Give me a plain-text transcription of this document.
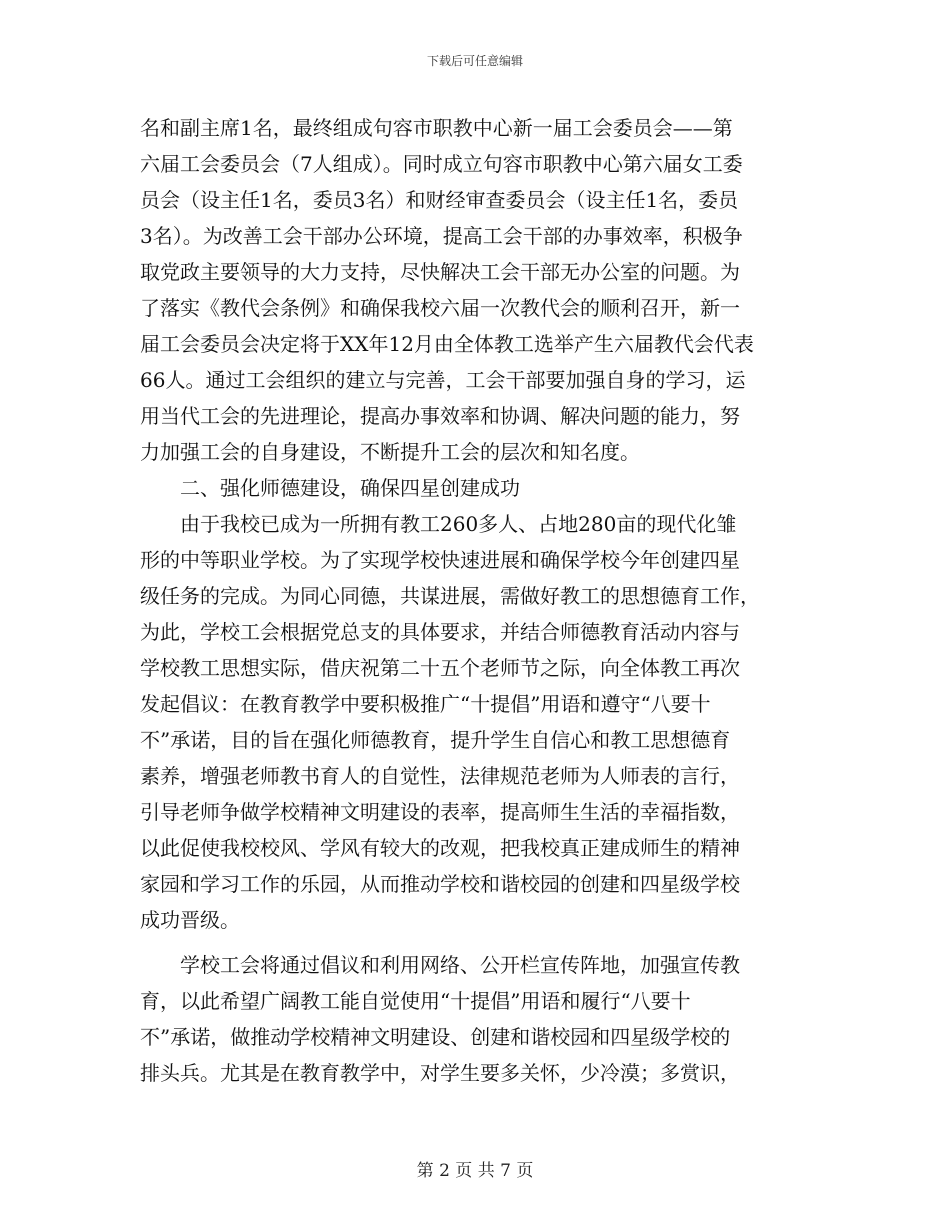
下载后可任意编辑
名和副主席1名，最终组成句容市职教中心新一届工会委员会——第
六届工会委员会（7人组成）。同时成立句容市职教中心第六届女工委
员会（设主任1名，委员3名）和财经审查委员会（设主任1名，委员
3名）。为改善工会干部办公环境，提高工会干部的办事效率，积极争
取党政主要领导的大力支持，尽快解决工会干部无办公室的问题。为
了落实《教代会条例》和确保我校六届一次教代会的顺利召开，新一
届工会委员会决定将于XX年12月由全体教工选举产生六届教代会代表
66人。通过工会组织的建立与完善，工会干部要加强自身的学习，运
用当代工会的先进理论，提高办事效率和协调、解决问题的能力，努
力加强工会的自身建设，不断提升工会的层次和知名度。
二、强化师德建设，确保四星创建成功
由于我校已成为一所拥有教工260多人、占地280亩的现代化雏
形的中等职业学校。为了实现学校快速进展和确保学校今年创建四星
级任务的完成。为同心同德，共谋进展，需做好教工的思想德育工作，
为此，学校工会根据党总支的具体要求，并结合师德教育活动内容与
学校教工思想实际，借庆祝第二十五个老师节之际，向全体教工再次
发起倡议：在教育教学中要积极推广“十提倡”用语和遵守“八要十
不”承诺，目的旨在强化师德教育，提升学生自信心和教工思想德育
素养，增强老师教书育人的自觉性，法律规范老师为人师表的言行，
引导老师争做学校精神文明建设的表率，提高师生生活的幸福指数，
以此促使我校校风、学风有较大的改观，把我校真正建成师生的精神
家园和学习工作的乐园，从而推动学校和谐校园的创建和四星级学校
成功晋级。
学校工会将通过倡议和利用网络、公开栏宣传阵地，加强宣传教
育，以此希望广阔教工能自觉使用“十提倡”用语和履行“八要十
不”承诺，做推动学校精神文明建设、创建和谐校园和四星级学校的
排头兵。尤其是在教育教学中，对学生要多关怀，少冷漠；多赏识，
第 2 页 共 7 页
